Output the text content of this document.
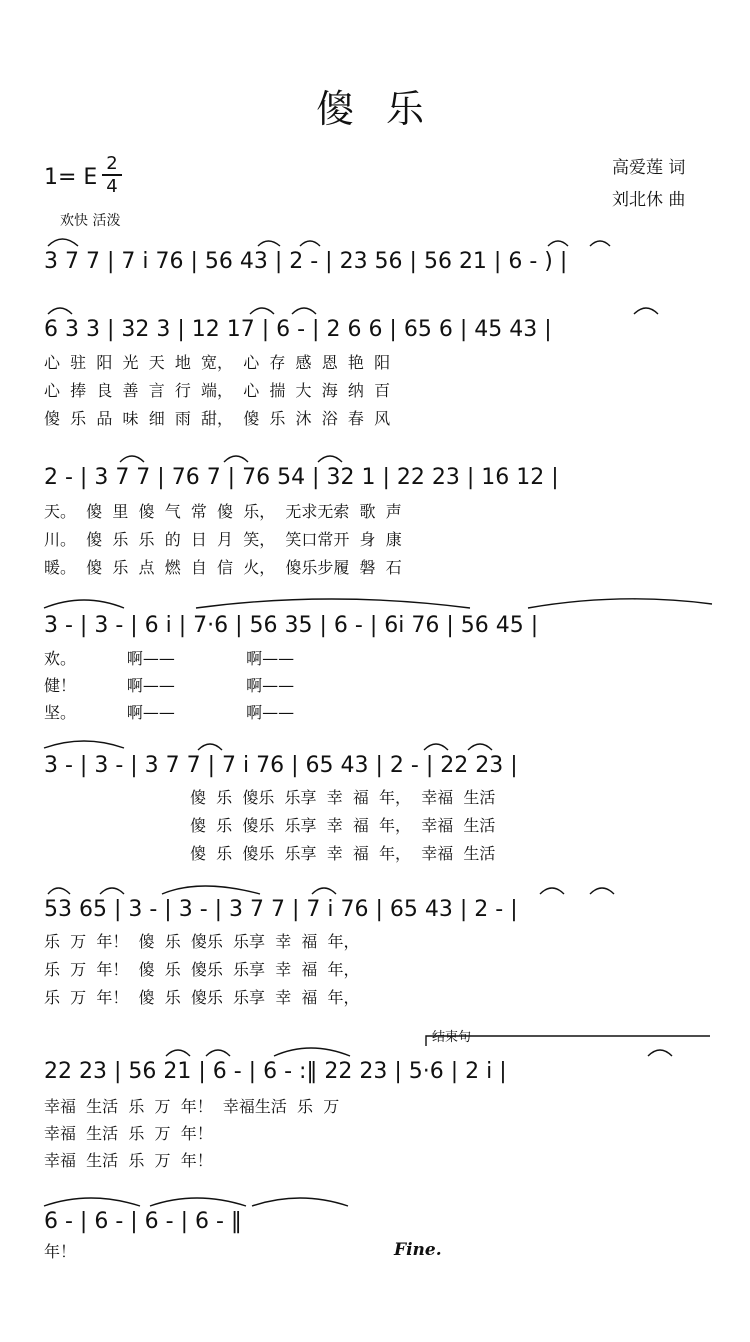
傻 乐
1= E
2
4
高爱莲 词
刘北休 曲
欢快 活泼
3 7 7 | 7 i 76 | 56 43 | 2 - | 23 56 | 56 21 | 6 - ) |
6 3 3 | 32 3 | 12 17 | 6 - | 2 6 6 | 65 6 | 45 43 |
心  驻  阳  光  天  地  宽，  心  存  感  恩  艳  阳
心  捧  良  善  言  行  端，  心  揣  大  海  纳  百
傻  乐  品  味  细  雨  甜，  傻  乐  沐  浴  春  风
2 - | 3 7 7 | 76 7 | 76 54 | 32 1 | 22 23 | 16 12 |
天。  傻  里  傻  气  常  傻  乐，  无求无索  歌  声
川。  傻  乐  乐  的  日  月  笑，  笑口常开  身  康
暖。  傻  乐  点  燃  自  信  火，  傻乐步履  磐  石
3 - | 3 - | 6 i | 7·6 | 56 35 | 6 - | 6i 76 | 56 45 |
欢。          啊——              啊——
健！          啊——              啊——
坚。          啊——              啊——
3 - | 3 - | 3 7 7 | 7 i 76 | 65 43 | 2 - | 22 23 |
傻  乐  傻乐  乐享  幸  福  年，  幸福  生活
傻  乐  傻乐  乐享  幸  福  年，  幸福  生活
傻  乐  傻乐  乐享  幸  福  年，  幸福  生活
53 65 | 3 - | 3 - | 3 7 7 | 7 i 76 | 65 43 | 2 - |
乐  万  年！  傻  乐  傻乐  乐享  幸  福  年，
乐  万  年！  傻  乐  傻乐  乐享  幸  福  年，
乐  万  年！  傻  乐  傻乐  乐享  幸  福  年，
结束句
22 23 | 56 21 | 6 - | 6 - :‖ 22 23 | 5·6 | 2 i |
幸福  生活  乐  万  年！  幸福生活  乐  万
幸福  生活  乐  万  年！
幸福  生活  乐  万  年！
6 - | 6 - | 6 - | 6 - ‖
年！	Fine.
